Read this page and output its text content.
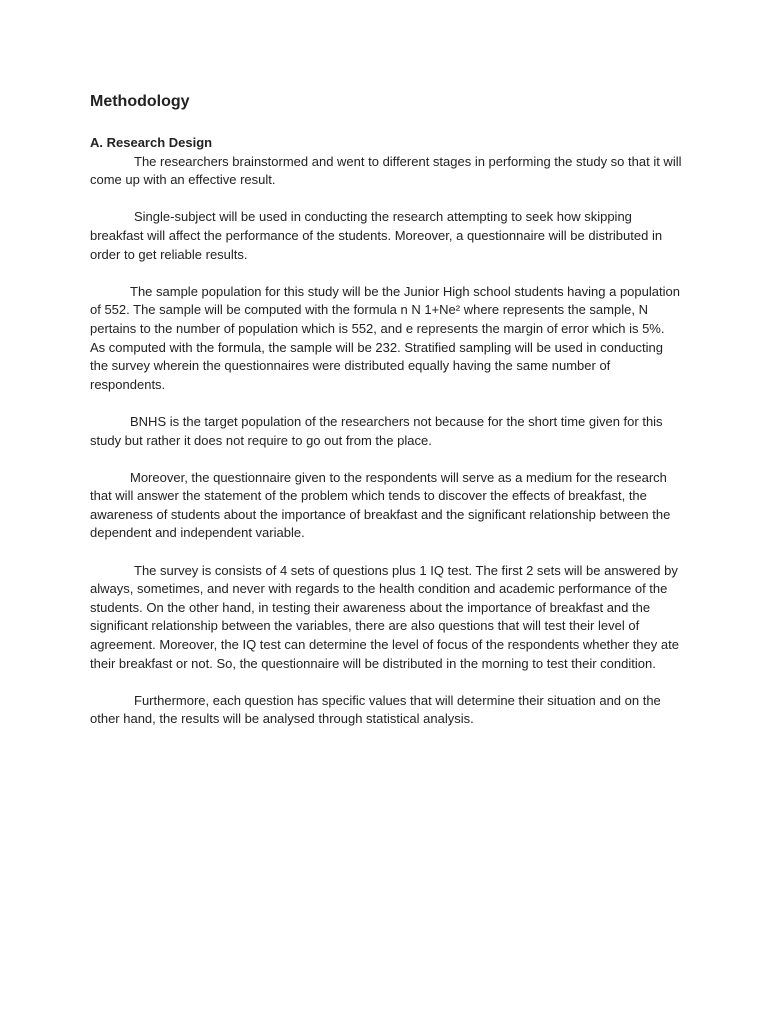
Methodology
A. Research Design

The researchers brainstormed and went to different stages in performing the study so that it will come up with an effective result.

Single-subject will be used in conducting the research attempting to seek how skipping breakfast will affect the performance of the students. Moreover, a questionnaire will be distributed in order to get reliable results.

The sample population for this study will be the Junior High school students having a population of 552. The sample will be computed with the formula n N 1+Ne² where represents the sample, N pertains to the number of population which is 552, and e represents the margin of error which is 5%. As computed with the formula, the sample will be 232. Stratified sampling will be used in conducting the survey wherein the questionnaires were distributed equally having the same number of respondents.

BNHS is the target population of the researchers not because for the short time given for this study but rather it does not require to go out from the place.

Moreover, the questionnaire given to the respondents will serve as a medium for the research that will answer the statement of the problem which tends to discover the effects of breakfast, the awareness of students about the importance of breakfast and the significant relationship between the dependent and independent variable.

The survey is consists of 4 sets of questions plus 1 IQ test. The first 2 sets will be answered by always, sometimes, and never with regards to the health condition and academic performance of the students. On the other hand, in testing their awareness about the importance of breakfast and the significant relationship between the variables, there are also questions that will test their level of agreement. Moreover, the IQ test can determine the level of focus of the respondents whether they ate their breakfast or not. So, the questionnaire will be distributed in the morning to test their condition.

Furthermore, each question has specific values that will determine their situation and on the other hand, the results will be analysed through statistical analysis.
